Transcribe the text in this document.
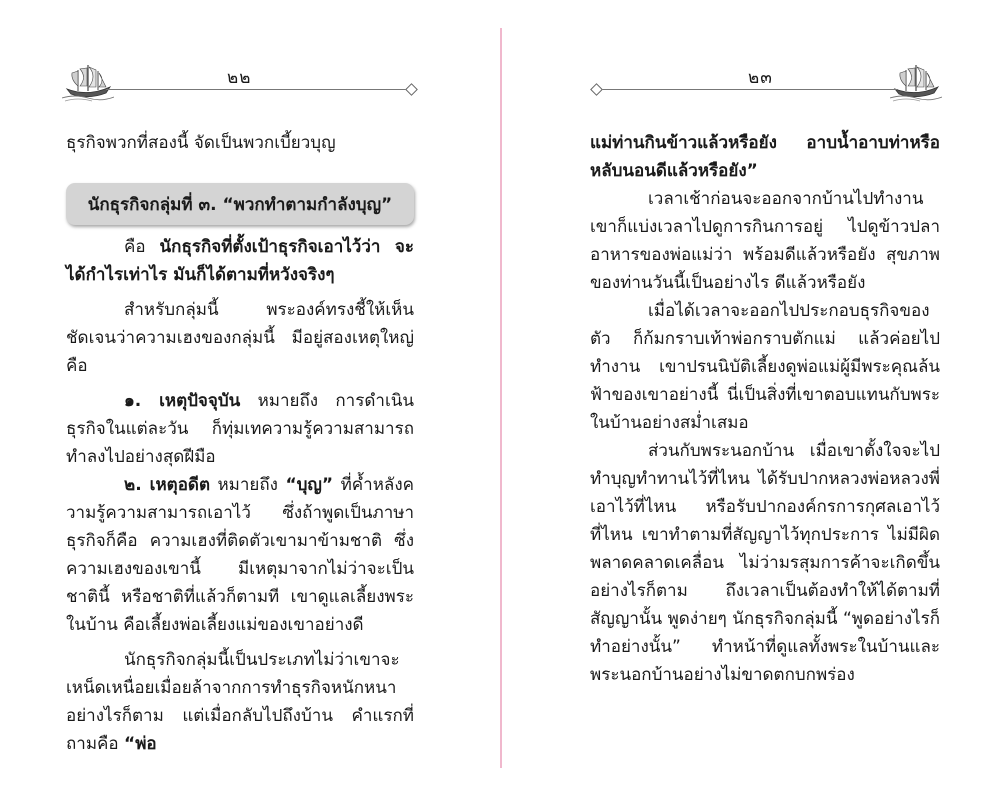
๒๒

ธุรกิจพวกที่สองนี้ จัดเป็นพวกเบี้ยวบุญ

นักธุรกิจกลุ่มที่ ๓. “พวกทำตามกำลังบุญ”

คือ นักธุรกิจที่ตั้งเป้าธุรกิจเอาไว้ว่า จะได้กำไรเท่าไร มันก็ได้ตามที่หวังจริงๆ

สำหรับกลุ่มนี้ พระองค์ทรงชี้ให้เห็นชัดเจนว่าความเฮงของกลุ่มนี้ มีอยู่สองเหตุใหญ่ คือ

๑. เหตุปัจจุบัน หมายถึง การดำเนินธุรกิจในแต่ละวัน ก็ทุ่มเทความรู้ความสามารถทำลงไปอย่างสุดฝีมือ

๒. เหตุอดีต หมายถึง “บุญ” ที่ค้ำหลังความรู้ความสามารถเอาไว้ ซึ่งถ้าพูดเป็นภาษาธุรกิจก็คือ ความเฮงที่ติดตัวเขามาข้ามชาติ ซึ่งความเฮงของเขานี้ มีเหตุมาจากไม่ว่าจะเป็นชาตินี้ หรือชาติที่แล้วก็ตามที เขาดูแลเลี้ยงพระในบ้าน คือเลี้ยงพ่อเลี้ยงแม่ของเขาอย่างดี

นักธุรกิจกลุ่มนี้เป็นประเภทไม่ว่าเขาจะเหน็ดเหนื่อยเมื่อยล้าจากการทำธุรกิจหนักหนาอย่างไรก็ตาม แต่เมื่อกลับไปถึงบ้าน คำแรกที่ถามคือ “พ่อ

๒๓

แม่ท่านกินข้าวแล้วหรือยัง อาบน้ำอาบท่าหรือหลับนอนดีแล้วหรือยัง”

เวลาเช้าก่อนจะออกจากบ้านไปทำงาน เขาก็แบ่งเวลาไปดูการกินการอยู่ ไปดูข้าวปลาอาหารของพ่อแม่ว่า พร้อมดีแล้วหรือยัง สุขภาพของท่านวันนี้เป็นอย่างไร ดีแล้วหรือยัง

เมื่อได้เวลาจะออกไปประกอบธุรกิจของตัว ก็ก้มกราบเท้าพ่อกราบตักแม่ แล้วค่อยไปทำงาน เขาปรนนิบัติเลี้ยงดูพ่อแม่ผู้มีพระคุณล้นฟ้าของเขาอย่างนี้ นี่เป็นสิ่งที่เขาตอบแทนกับพระในบ้านอย่างสม่ำเสมอ

ส่วนกับพระนอกบ้าน เมื่อเขาตั้งใจจะไปทำบุญทำทานไว้ที่ไหน ได้รับปากหลวงพ่อหลวงพี่เอาไว้ที่ไหน หรือรับปากองค์กรการกุศลเอาไว้ที่ไหน เขาทำตามที่สัญญาไว้ทุกประการ ไม่มีผิดพลาดคลาดเคลื่อน ไม่ว่ามรสุมการค้าจะเกิดขึ้นอย่างไรก็ตาม ถึงเวลาเป็นต้องทำให้ได้ตามที่สัญญานั้น พูดง่ายๆ นักธุรกิจกลุ่มนี้ “พูดอย่างไรก็ทำอย่างนั้น” ทำหน้าที่ดูแลทั้งพระในบ้านและพระนอกบ้านอย่างไม่ขาดตกบกพร่อง
